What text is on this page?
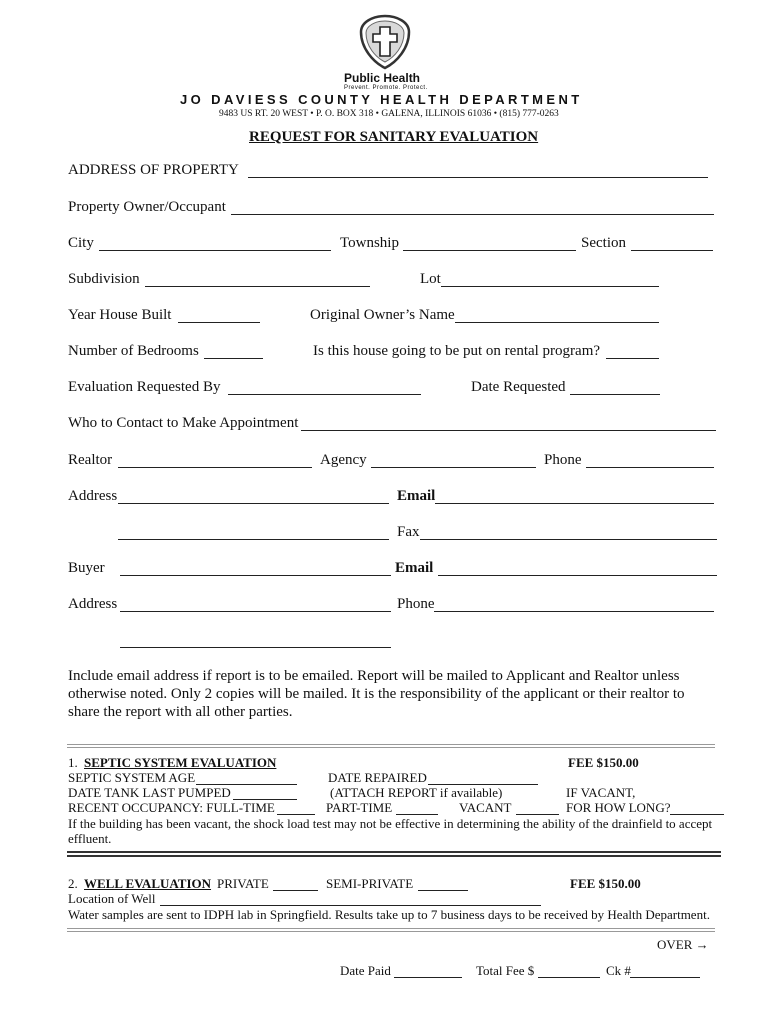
Public Health
Prevent. Promote. Protect.
JO DAVIESS COUNTY HEALTH DEPARTMENT
9483 US RT. 20 WEST • P. O. BOX 318 • GALENA, ILLINOIS 61036 • (815) 777-0263
REQUEST FOR SANITARY EVALUATION
ADDRESS OF PROPERTY
Property Owner/Occupant
City	Township	Section
Subdivision	Lot
Year House Built	Original Owner’s Name
Number of Bedrooms	Is this house going to be put on rental program?
Evaluation Requested By	Date Requested
Who to Contact to Make Appointment
Realtor	Agency	Phone
Address	Email
Fax
Buyer	Email
Address	Phone
Include email address if report is to be emailed. Report will be mailed to Applicant and Realtor unless
otherwise noted. Only 2 copies will be mailed. It is the responsibility of the applicant or their realtor to
share the report with all other parties.
1. SEPTIC SYSTEM EVALUATION	FEE $150.00
SEPTIC SYSTEM AGE	DATE REPAIRED
DATE TANK LAST PUMPED	(ATTACH REPORT if available)	IF VACANT,
RECENT OCCUPANCY: FULL-TIME	PART-TIME	VACANT	FOR HOW LONG?
If the building has been vacant, the shock load test may not be effective in determining the ability of the drainfield to accept
effluent.
2. WELL EVALUATION PRIVATE	SEMI-PRIVATE	FEE $150.00
Location of Well
Water samples are sent to IDPH lab in Springfield. Results take up to 7 business days to be received by Health Department.
OVER →
Date Paid	Total Fee $	Ck #
